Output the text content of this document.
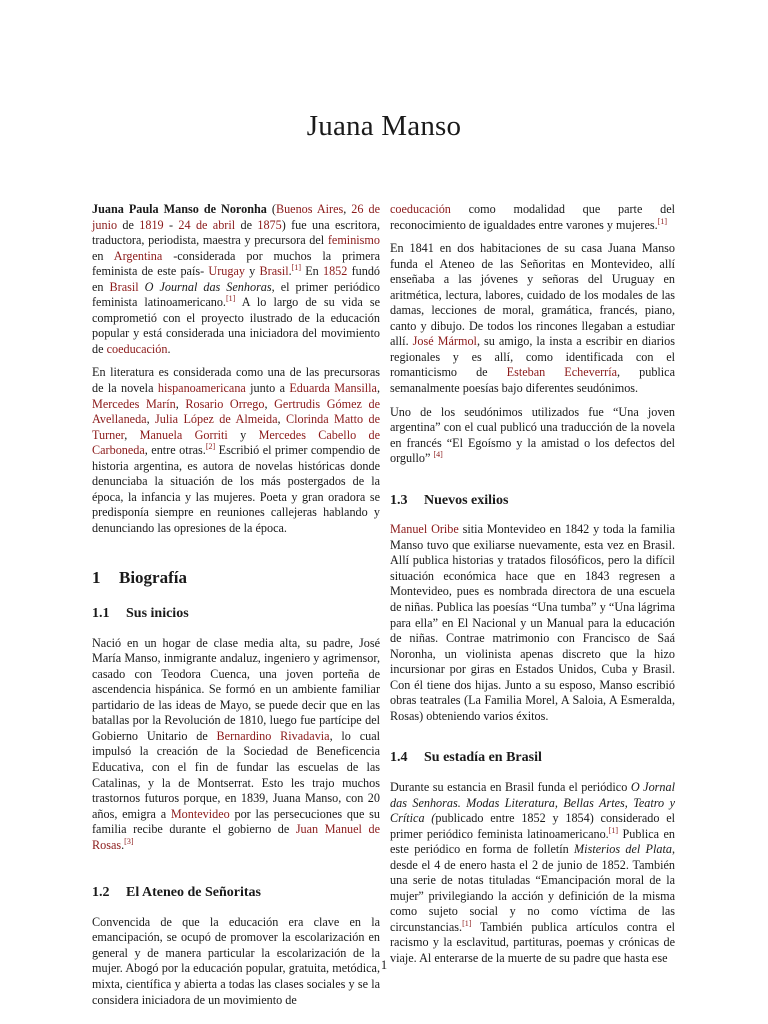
Juana Manso

Juana Paula Manso de Noronha (Buenos Aires, 26 de junio de 1819 - 24 de abril de 1875) fue una escritora, traductora, periodista, maestra y precursora del feminismo en Argentina -considerada por muchos la primera feminista de este país- Urugay y Brasil.[1] En 1852 fundó en Brasil O Journal das Senhoras, el primer periódico feminista latinoamericano.[1] A lo largo de su vida se comprometió con el proyecto ilustrado de la educación popular y está considerada una iniciadora del movimiento de coeducación.

En literatura es considerada como una de las precursoras de la novela hispanoamericana junto a Eduarda Mansilla, Mercedes Marín, Rosario Orrego, Gertrudis Gómez de Avellaneda, Julia López de Almeida, Clorinda Matto de Turner, Manuela Gorriti y Mercedes Cabello de Carboneda, entre otras.[2] Escribió el primer compendio de historia argentina, es autora de novelas históricas donde denunciaba la situación de los más postergados de la época, la infancia y las mujeres. Poeta y gran oradora se predisponía siempre en reuniones callejeras hablando y denunciando las opresiones de la época.

1 Biografía
1.1 Sus inicios

Nació en un hogar de clase media alta, su padre, José María Manso, inmigrante andaluz, ingeniero y agrimensor, casado con Teodora Cuenca, una joven porteña de ascendencia hispánica. Se formó en un ambiente familiar partidario de las ideas de Mayo, se puede decir que en las batallas por la Revolución de 1810, luego fue partícipe del Gobierno Unitario de Bernardino Rivadavia, lo cual impulsó la creación de la Sociedad de Beneficencia Educativa, con el fin de fundar las escuelas de las Catalinas, y la de Montserrat. Esto les trajo muchos trastornos futuros porque, en 1839, Juana Manso, con 20 años, emigra a Montevideo por las persecuciones que su familia recibe durante el gobierno de Juan Manuel de Rosas.[3]

1.2 El Ateneo de Señoritas

Convencida de que la educación era clave en la emancipación, se ocupó de promover la escolarización en general y de manera particular la escolarización de la mujer. Abogó por la educación popular, gratuita, metódica, mixta, científica y abierta a todas las clases sociales y se la considera iniciadora de un movimiento de

coeducación como modalidad que parte del reconocimiento de igualdades entre varones y mujeres.[1]

En 1841 en dos habitaciones de su casa Juana Manso funda el Ateneo de las Señoritas en Montevideo, allí enseñaba a las jóvenes y señoras del Uruguay en aritmética, lectura, labores, cuidado de los modales de las damas, lecciones de moral, gramática, francés, piano, canto y dibujo. De todos los rincones llegaban a estudiar allí. José Mármol, su amigo, la insta a escribir en diarios regionales y es allí, como identificada con el romanticismo de Esteban Echeverría, publica semanalmente poesías bajo diferentes seudónimos.

Uno de los seudónimos utilizados fue “Una joven argentina” con el cual publicó una traducción de la novela en francés “El Egoísmo y la amistad o los defectos del orgullo” [4]

1.3 Nuevos exilios

Manuel Oribe sitia Montevideo en 1842 y toda la familia Manso tuvo que exiliarse nuevamente, esta vez en Brasil. Allí publica historias y tratados filosóficos, pero la difícil situación económica hace que en 1843 regresen a Montevideo, pues es nombrada directora de una escuela de niñas. Publica las poesías “Una tumba” y “Una lágrima para ella” en El Nacional y un Manual para la educación de niñas. Contrae matrimonio con Francisco de Saá Noronha, un violinista apenas discreto que la hizo incursionar por giras en Estados Unidos, Cuba y Brasil. Con él tiene dos hijas. Junto a su esposo, Manso escribió obras teatrales (La Familia Morel, A Saloia, A Esmeralda, Rosas) obteniendo varios éxitos.

1.4 Su estadía en Brasil

Durante su estancia en Brasil funda el periódico O Jornal das Senhoras. Modas Literatura, Bellas Artes, Teatro y Crítica (publicado entre 1852 y 1854) considerado el primer periódico feminista latinoamericano.[1] Publica en este periódico en forma de folletín Misterios del Plata, desde el 4 de enero hasta el 2 de junio de 1852. También una serie de notas tituladas “Emancipación moral de la mujer” privilegiando la acción y definición de la misma como sujeto social y no como víctima de las circunstancias.[1] También publica artículos contra el racismo y la esclavitud, partituras, poemas y crónicas de viaje. Al enterarse de la muerte de su padre que hasta ese

1
